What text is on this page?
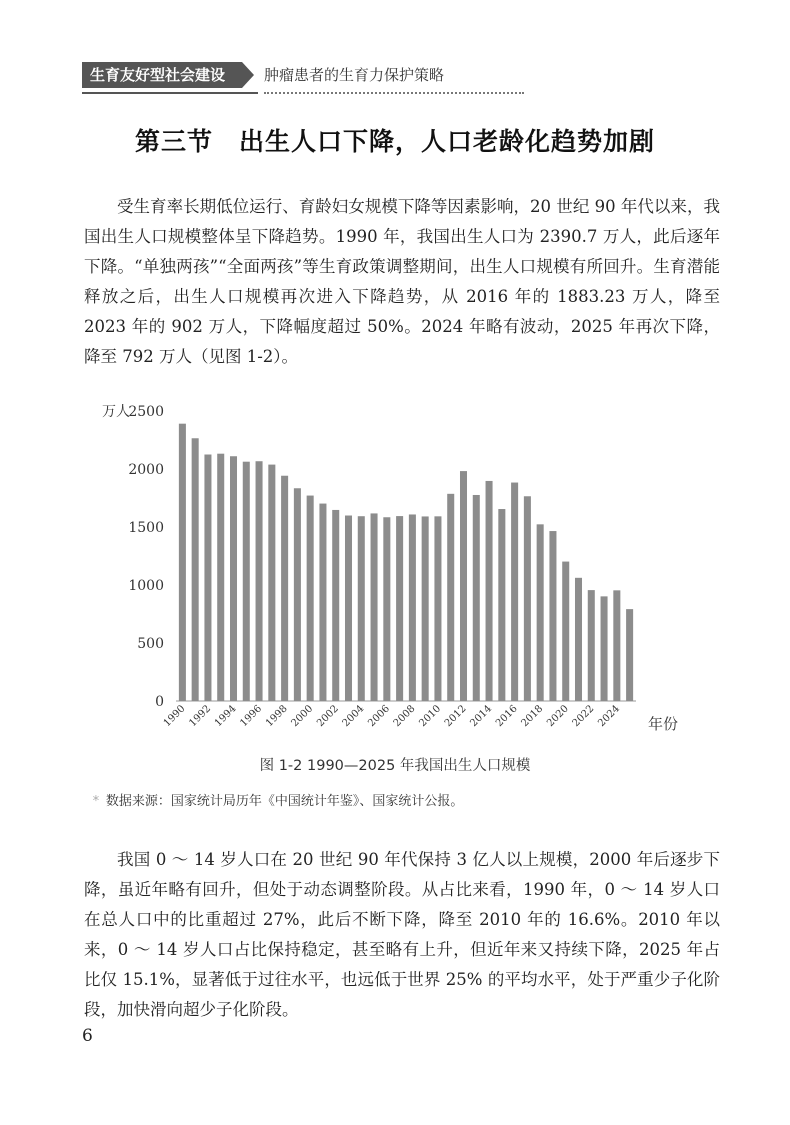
生育友好型社会建设	肿瘤患者的生育力保护策略
第三节　出生人口下降，人口老龄化趋势加剧

受生育率长期低位运行、育龄妇女规模下降等因素影响，20 世纪 90 年代以来，我国出生人口规模整体呈下降趋势。1990 年，我国出生人口为 2390.7 万人，此后逐年下降。“单独两孩”“全面两孩”等生育政策调整期间，出生人口规模有所回升。生育潜能释放之后，出生人口规模再次进入下降趋势，从 2016 年的 1883.23 万人，降至 2023 年的 902 万人，下降幅度超过 50%。2024 年略有波动，2025 年再次下降，降至 792 万人（见图 1-2）。

0
500
1000
1500
2000
2500
万人
1990 1992 1994 1996 1998 2000 2002 2004 2006 2008 2010 2012 2014 2016 2018 2020 2022 2024 年份
图 1-2 1990—2025 年我国出生人口规模
* 数据来源：国家统计局历年《中国统计年鉴》、国家统计公报。

我国 0 ～ 14 岁人口在 20 世纪 90 年代保持 3 亿人以上规模，2000 年后逐步下降，虽近年略有回升，但处于动态调整阶段。从占比来看，1990 年，0 ～ 14 岁人口在总人口中的比重超过 27%，此后不断下降，降至 2010 年的 16.6%。2010 年以来，0 ～ 14 岁人口占比保持稳定，甚至略有上升，但近年来又持续下降，2025 年占比仅 15.1%，显著低于过往水平，也远低于世界 25% 的平均水平，处于严重少子化阶段，加快滑向超少子化阶段。

6
